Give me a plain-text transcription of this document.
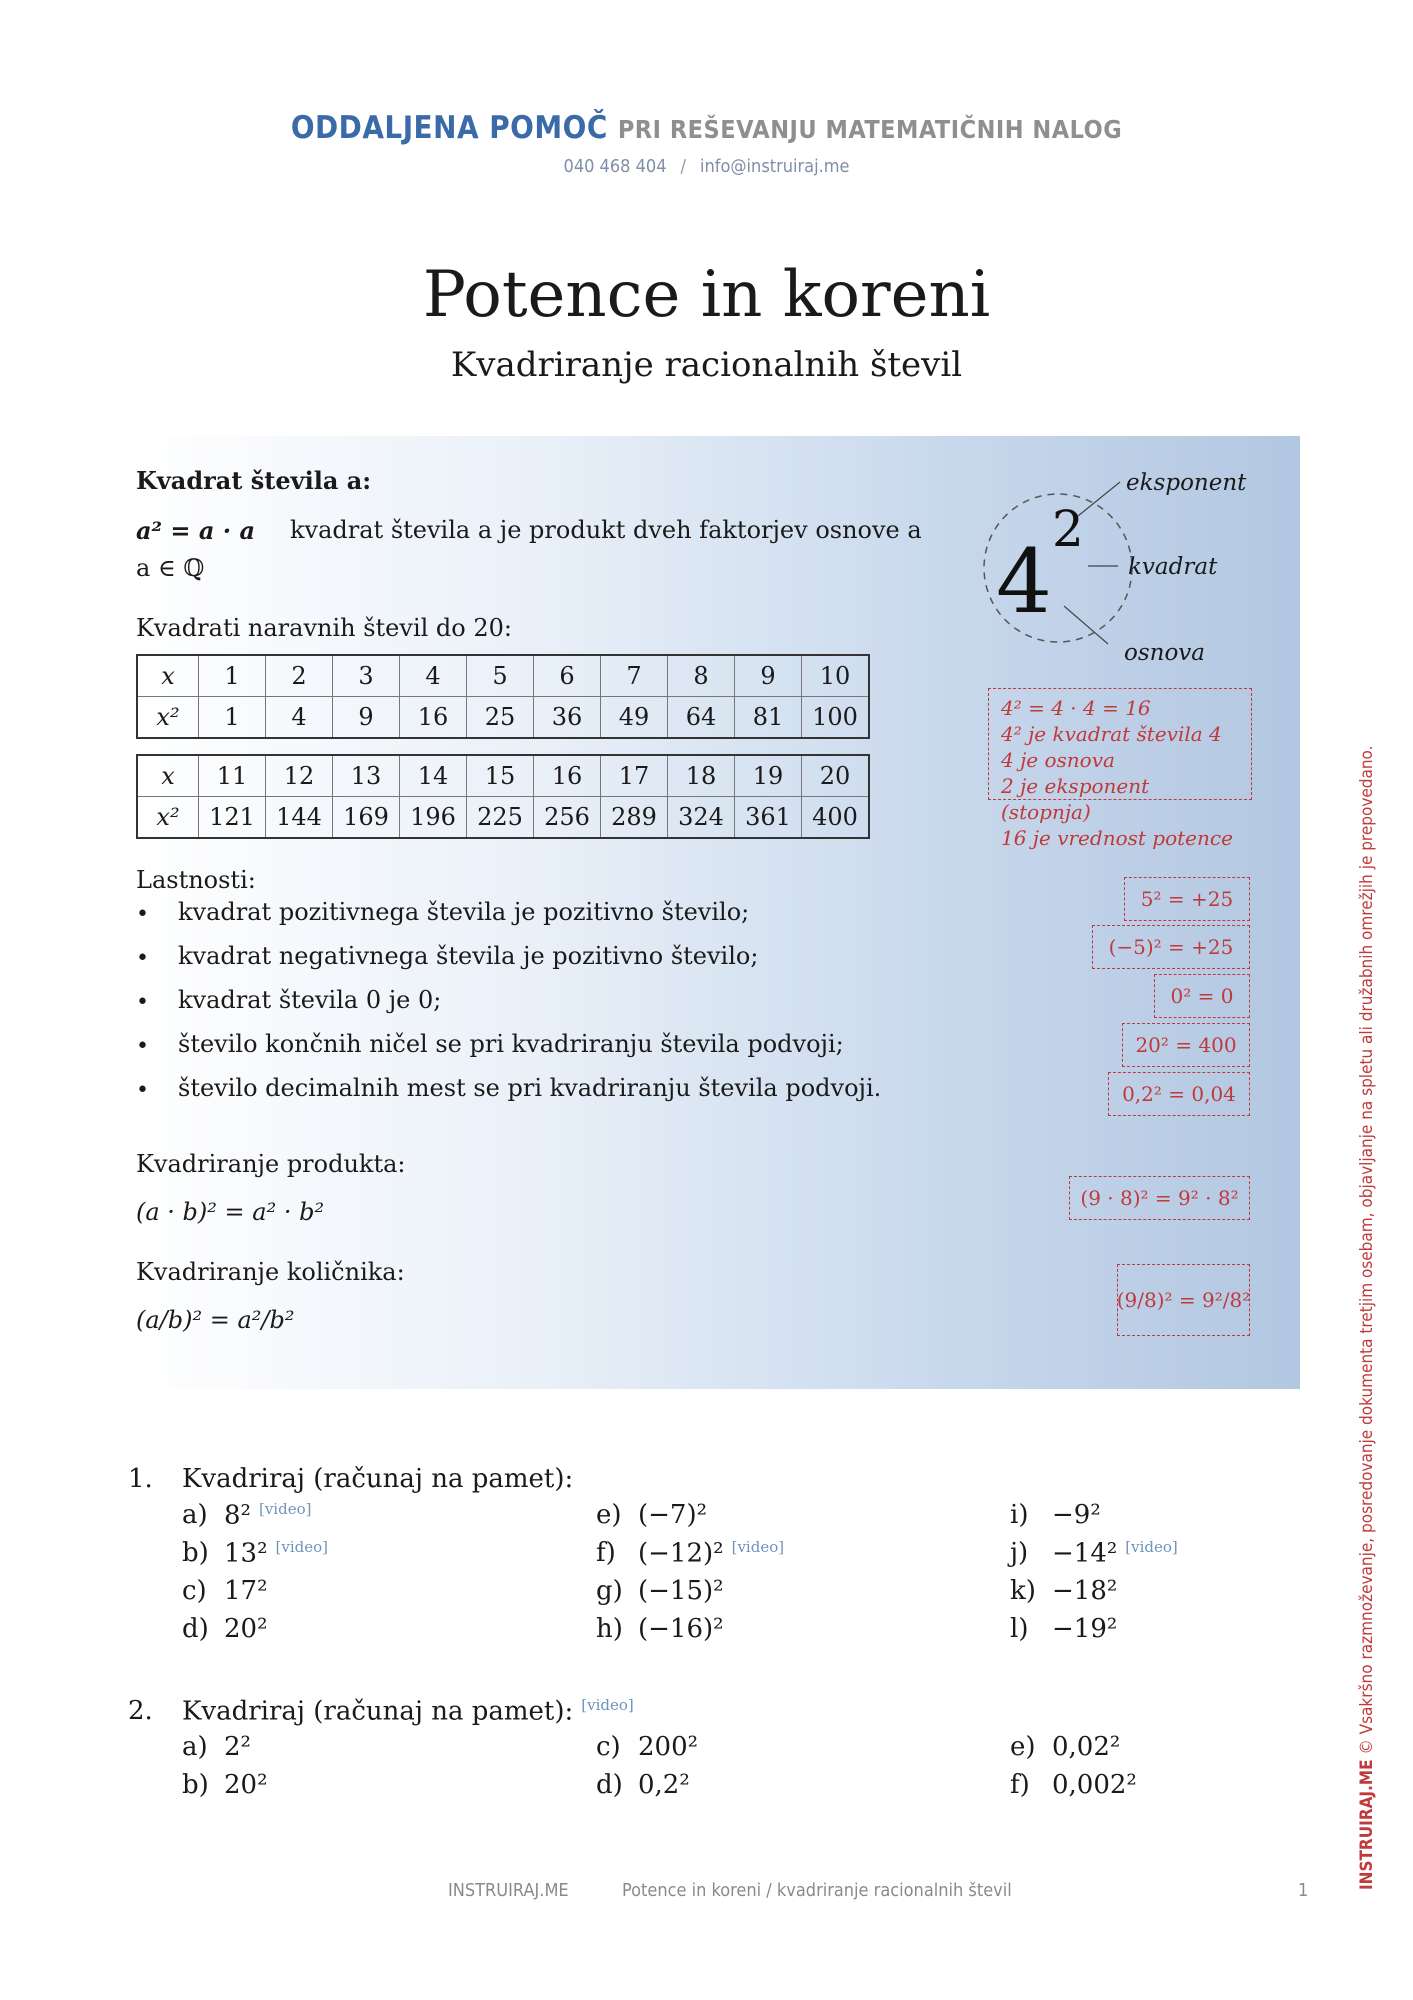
ODDALJENA POMOČ PRI REŠEVANJU MATEMATIČNIH NALOG
040 468 404 / info@instruiraj.me
Potence in koreni
Kvadriranje racionalnih števil
Kvadrat števila a:
a² = a · a kvadrat števila a je produkt dveh faktorjev osnove a
a ∈ ℚ
Kvadrati naravnih števil do 20:
x	1	2	3	4	5	6	7	8	9	10
x²	1	4	9	16	25	36	49	64	81	100
x	11	12	13	14	15	16	17	18	19	20
x²	121	144	169	196	225	256	289	324	361	400
Lastnosti:
• kvadrat pozitivnega števila je pozitivno število;
• kvadrat negativnega števila je pozitivno število;
• kvadrat števila 0 je 0;
• število končnih ničel se pri kvadriranju števila podvoji;
• število decimalnih mest se pri kvadriranju števila podvoji.
Kvadriranje produkta:
(a · b)² = a² · b²
Kvadriranje količnika:
(a/b)² = a²/b²
4
2
eksponent
kvadrat
osnova
4² = 4 · 4 = 16
4² je kvadrat števila 4
4 je osnova
2 je eksponent (stopnja)
16 je vrednost potence
5² = +25
(−5)² = +25
0² = 0
20² = 400
0,2² = 0,04
(9 · 8)² = 9² · 8²
(9/8)² = 9²/8²
1. Kvadriraj (računaj na pamet):
a) 8² [video]
b) 13² [video]
c) 17²
d) 20²
e) (−7)²
f) (−12)² [video]
g) (−15)²
h) (−16)²
i) −9²
j) −14² [video]
k) −18²
l) −19²
2. Kvadriraj (računaj na pamet): [video]
a) 2²
b) 20²
c) 200²
d) 0,2²
e) 0,02²
f) 0,002²
INSTRUIRAJ.ME	Potence in koreni / kvadriranje racionalnih števil	1
INSTRUIRAJ.ME © Vsakršno razmnoževanje, posredovanje dokumenta tretjim osebam, objavljanje na spletu ali družabnih omrežjih je prepovedano.
